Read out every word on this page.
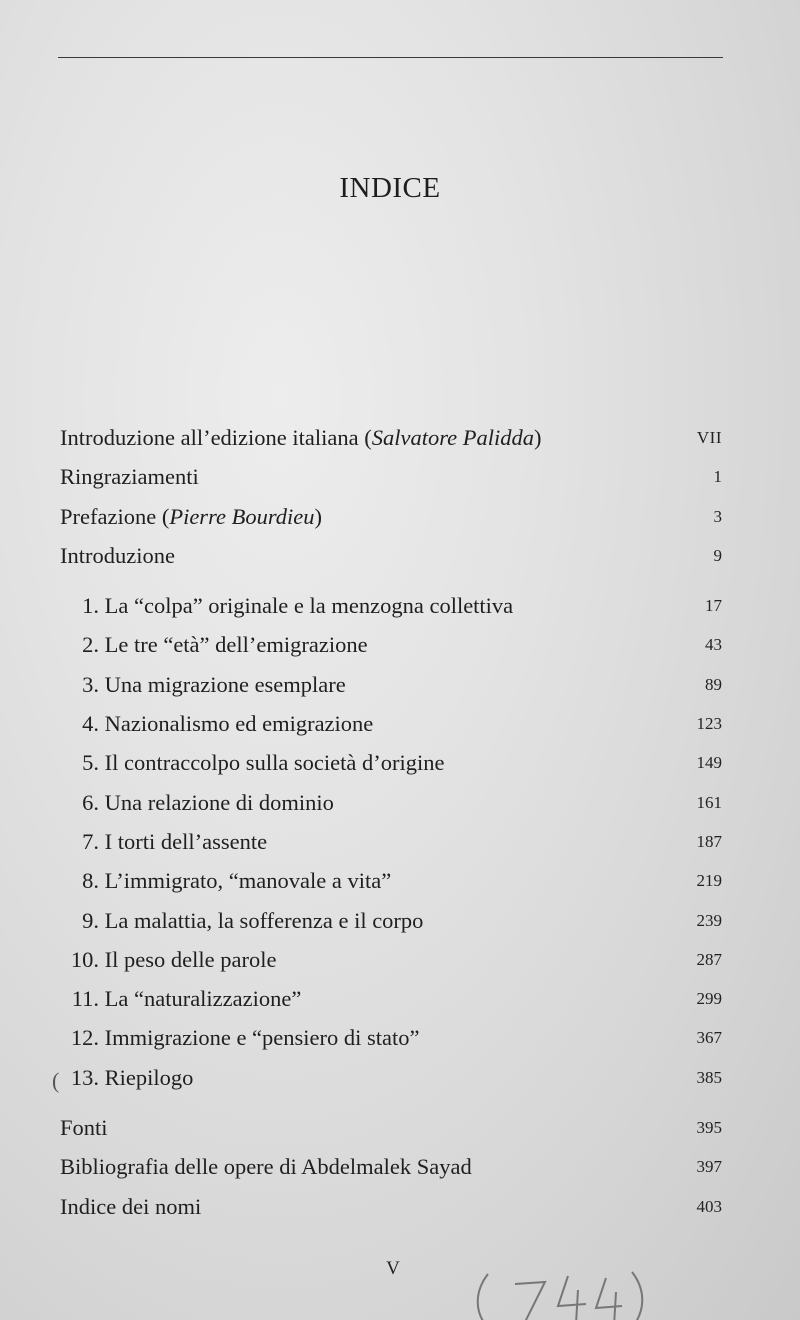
INDICE
Introduzione all’edizione italiana (Salvatore Palidda)	VII
Ringraziamenti	1
Prefazione (Pierre Bourdieu)	3
Introduzione	9
1. La “colpa” originale e la menzogna collettiva	17
2. Le tre “età” dell’emigrazione	43
3. Una migrazione esemplare	89
4. Nazionalismo ed emigrazione	123
5. Il contraccolpo sulla società d’origine	149
6. Una relazione di dominio	161
7. I torti dell’assente	187
8. L’immigrato, “manovale a vita”	219
9. La malattia, la sofferenza e il corpo	239
10. Il peso delle parole	287
11. La “naturalizzazione”	299
12. Immigrazione e “pensiero di stato”	367
13. Riepilogo	385
Fonti	395
Bibliografia delle opere di Abdelmalek Sayad	397
Indice dei nomi	403
V
(
